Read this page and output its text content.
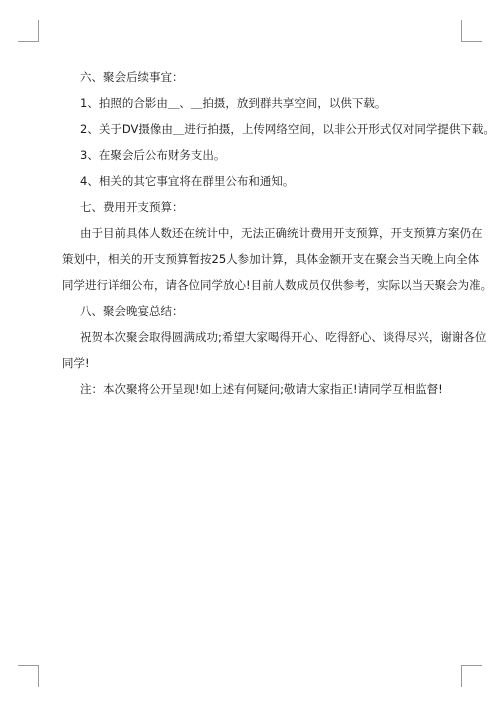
六、聚会后续事宜：

1、拍照的合影由＿、＿拍摄，放到群共享空间，以供下载。

2、关于DV摄像由＿进行拍摄，上传网络空间，以非公开形式仅对同学提供下载。

3、在聚会后公布财务支出。

4、相关的其它事宜将在群里公布和通知。

七、费用开支预算：

由于目前具体人数还在统计中，无法正确统计费用开支预算，开支预算方案仍在

策划中，相关的开支预算暂按25人参加计算，具体金额开支在聚会当天晚上向全体

同学进行详细公布，请各位同学放心!目前人数成员仅供参考，实际以当天聚会为准。

八、聚会晚宴总结：

祝贺本次聚会取得圆满成功;希望大家喝得开心、吃得舒心、谈得尽兴，谢谢各位

同学!

注：本次聚将公开呈现!如上述有何疑问;敬请大家指正!请同学互相监督!
